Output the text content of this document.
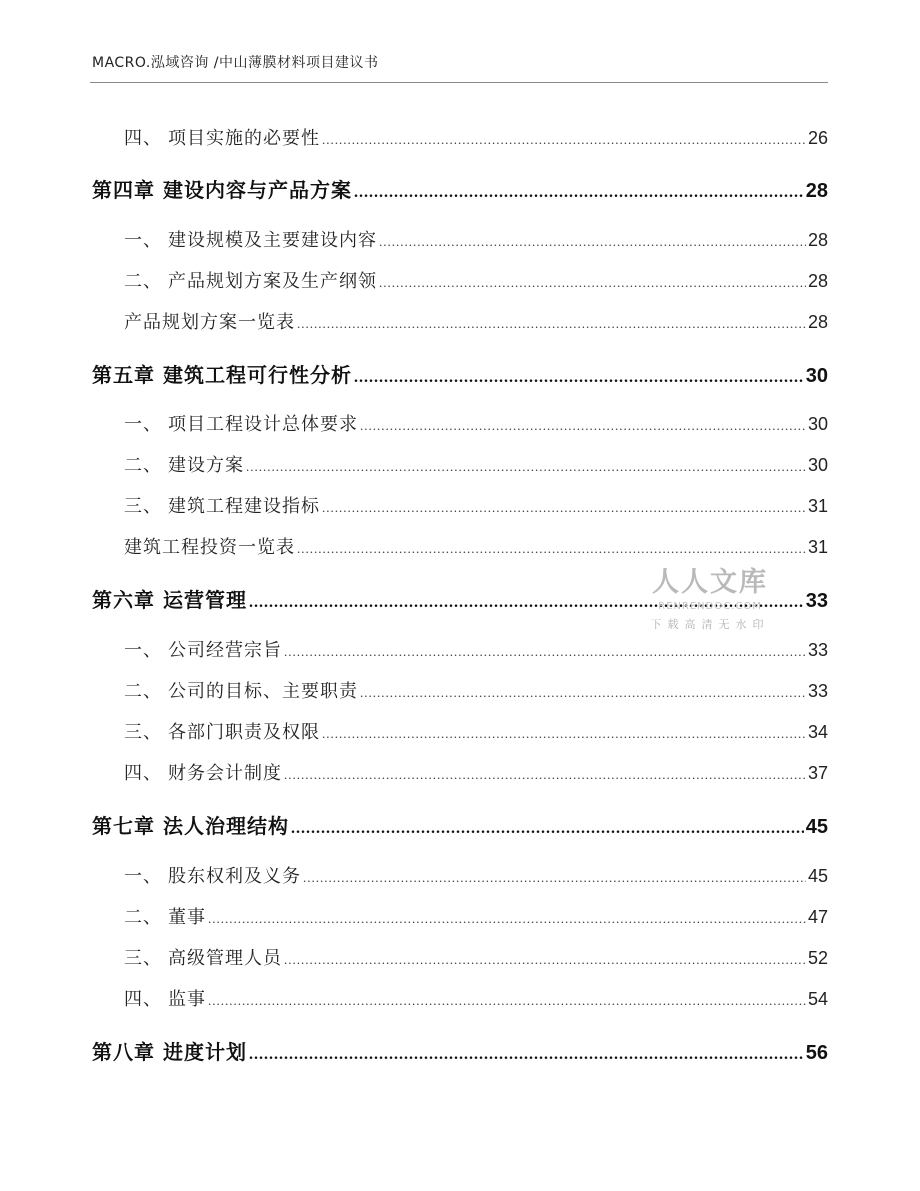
MACRO.泓域咨询 /中山薄膜材料项目建议书
四、 项目实施的必要性 .....	26
第四章 建设内容与产品方案 .....	28
一、 建设规模及主要建设内容 .....	28
二、 产品规划方案及生产纲领 .....	28
产品规划方案一览表 .....	28
第五章 建筑工程可行性分析 .....	30
一、 项目工程设计总体要求 .....	30
二、 建设方案 .....	30
三、 建筑工程建设指标 .....	31
建筑工程投资一览表 .....	31
第六章 运营管理 .....	33
一、 公司经营宗旨 .....	33
二、 公司的目标、主要职责 .....	33
三、 各部门职责及权限 .....	34
四、 财务会计制度 .....	37
第七章 法人治理结构 .....	45
一、 股东权利及义务 .....	45
二、 董事 .....	47
三、 高级管理人员 .....	52
四、 监事 .....	54
第八章 进度计划 .....	56
人人文库
RENRENDOC.COM
下载高清无水印
